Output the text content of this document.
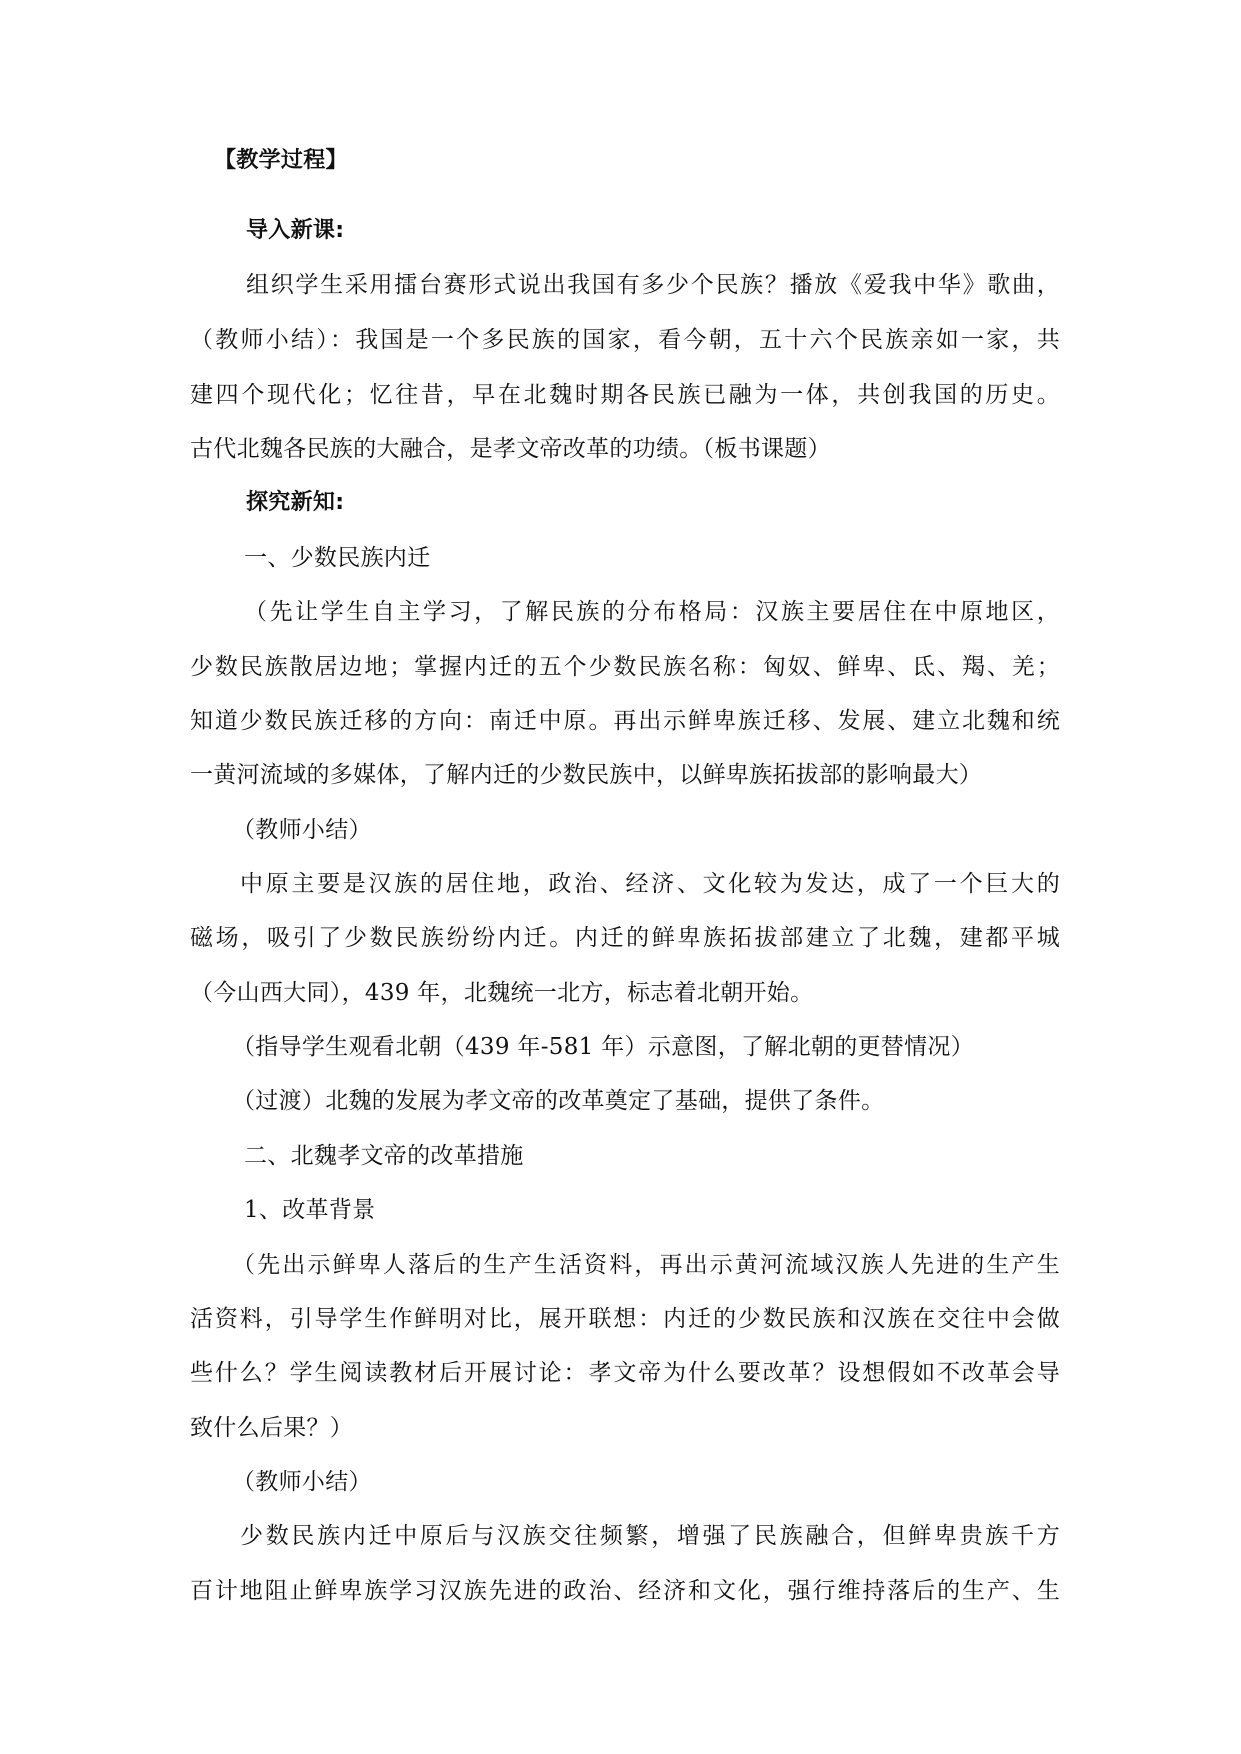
【教学过程】
导入新课:
组织学生采用擂台赛形式说出我国有多少个民族？播放《爱我中华》歌曲，
（教师小结）：我国是一个多民族的国家，看今朝，五十六个民族亲如一家，共
建四个现代化；忆往昔，早在北魏时期各民族已融为一体，共创我国的历史。
古代北魏各民族的大融合，是孝文帝改革的功绩。（板书课题）
探究新知:
一、少数民族内迁
（先让学生自主学习，了解民族的分布格局：汉族主要居住在中原地区，
少数民族散居边地；掌握内迁的五个少数民族名称：匈奴、鲜卑、氐、羯、羌；
知道少数民族迁移的方向：南迁中原。再出示鲜卑族迁移、发展、建立北魏和统
一黄河流域的多媒体，了解内迁的少数民族中，以鲜卑族拓拔部的影响最大）
（教师小结）
中原主要是汉族的居住地，政治、经济、文化较为发达，成了一个巨大的
磁场，吸引了少数民族纷纷内迁。内迁的鲜卑族拓拔部建立了北魏，建都平城
（今山西大同），439 年，北魏统一北方，标志着北朝开始。
（指导学生观看北朝（439 年-581 年）示意图，了解北朝的更替情况）
（过渡）北魏的发展为孝文帝的改革奠定了基础，提供了条件。
二、北魏孝文帝的改革措施
1、改革背景
（先出示鲜卑人落后的生产生活资料，再出示黄河流域汉族人先进的生产生
活资料，引导学生作鲜明对比，展开联想：内迁的少数民族和汉族在交往中会做
些什么？学生阅读教材后开展讨论：孝文帝为什么要改革？设想假如不改革会导
致什么后果？）
（教师小结）
少数民族内迁中原后与汉族交往频繁，增强了民族融合，但鲜卑贵族千方
百计地阻止鲜卑族学习汉族先进的政治、经济和文化，强行维持落后的生产、生
